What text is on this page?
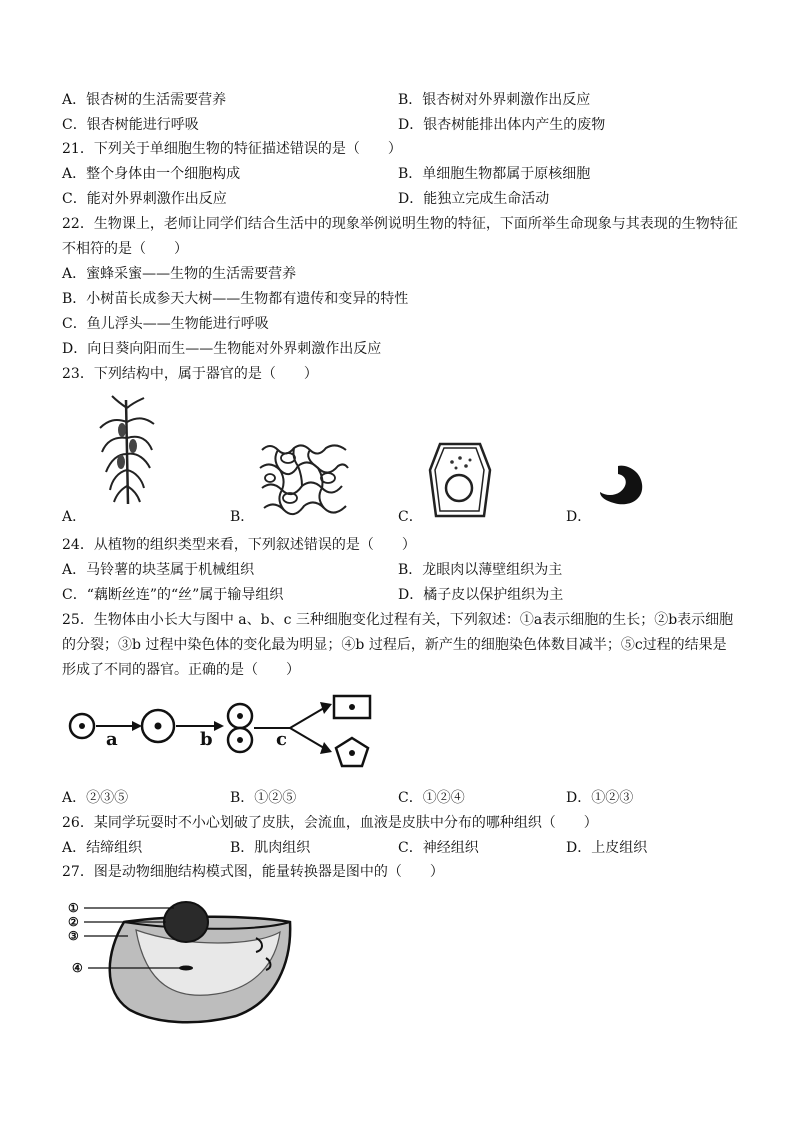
A．银杏树的生活需要营养	B．银杏树对外界刺激作出反应
C．银杏树能进行呼吸	D．银杏树能排出体内产生的废物
21．下列关于单细胞生物的特征描述错误的是（　　）
A．整个身体由一个细胞构成	B．单细胞生物都属于原核细胞
C．能对外界刺激作出反应	D．能独立完成生命活动
22．生物课上，老师让同学们结合生活中的现象举例说明生物的特征，下面所举生命现象与其表现的生物特征
不相符的是（　　）
A．蜜蜂采蜜——生物的生活需要营养
B．小树苗长成参天大树——生物都有遗传和变异的特性
C．鱼儿浮头——生物能进行呼吸
D．向日葵向阳而生——生物能对外界刺激作出反应
23．下列结构中，属于器官的是（　　）
A．	B．	C．	D．
24．从植物的组织类型来看，下列叙述错误的是（　　）
A．马铃薯的块茎属于机械组织	B．龙眼肉以薄壁组织为主
C．“藕断丝连”的“丝”属于输导组织	D．橘子皮以保护组织为主
25．生物体由小长大与图中 a、b、c 三种细胞变化过程有关，下列叙述：①a表示细胞的生长；②b表示细胞
的分裂；③b 过程中染色体的变化最为明显；④b 过程后，新产生的细胞染色体数目减半；⑤c过程的结果是
形成了不同的器官。正确的是（　　）
a	b	c
A．②③⑤	B．①②⑤	C．①②④	D．①②③
26．某同学玩耍时不小心划破了皮肤，会流血，血液是皮肤中分布的哪种组织（　　）
A．结缔组织	B．肌肉组织	C．神经组织	D．上皮组织
27．图是动物细胞结构模式图，能量转换器是图中的（　　）
①
②
③
④
